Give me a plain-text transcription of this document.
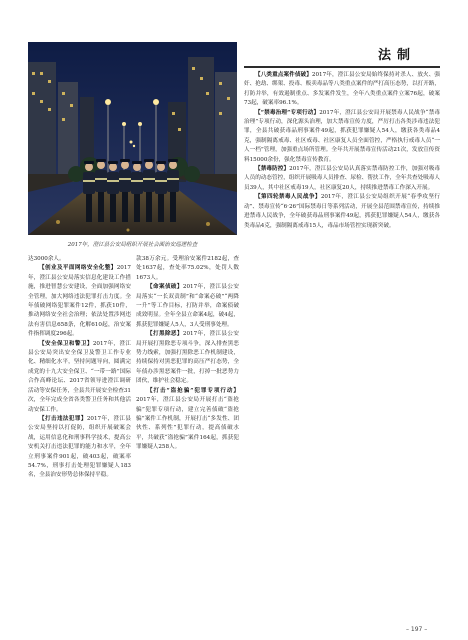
法制
2017年，澄江县公安局组织开展社会面治安巡逻检查

达3000余人。

【创业及平面网络安全化整】2017年，澄江县公安局落实信息化建设工作措施，推进智慧公安建设，全面加强网络安全管理，加大网络违法犯罪打击力度。全年侦破网络犯罪案件12件，抓获10件，推动网络安全社会治理；依法处置涉网违法有害信息658条，化解610起，治安案件指挥调度296起。

【安全保卫和警卫】2017年，澄江县公安局突出安全保卫及警卫工作专业化、精细化水平，坚持问题导向，圆满完成党的十九大安全保卫、“一带一路”国际合作高峰论坛、2017省领导进澄江调研活动等安保任务，全县共开展安全检查31次，全年完成全省各类警卫任务和其他活动安保工作。

【打击违法犯罪】2017年，澄江县公安局坚持以打促防，组织开展破案会战，运用信息化和刑事科学技术，提高公安机关打击违法犯罪的能力和水平，全年立刑事案件901起，破403起，破案率54.7%，刑事打击处理犯罪嫌疑人183名，全县治安形势总体保持平稳。

款38万余元。受理治安案件2182起，查处1637起，查处率75.02%，处罚人数1673人。

【命案侦破】2017年，澄江县公安局落实“一长双责制”和“命案必破”“两降一升”等工作目标，打防并举，命案侦破成效明显。全年全县立命案4起，破4起，抓获犯罪嫌疑人5人，3人受刑事处理。

【打黑除恶】2017年，澄江县公安局开展打黑除恶专项斗争，深入排查黑恶势力线索，加强打黑除恶工作机制建设，持续保持对黑恶犯罪的高压严打态势，全年侦办涉黑恶案件一批，打掉一批恶势力团伙，维护社会稳定。

【打击“盗抢骗”犯罪专项行动】2017年，澄江县公安局开展打击“盗抢骗”犯罪专项行动，建立完善侦破“盗抢骗”案件工作机制，开展打击“多发性、团伙性、系列性”犯罪行动，提高侦破水平，共破获“盗抢骗”案件164起，抓获犯罪嫌疑人258人。

【八类重点案件侦破】2017年，澄江县公安局始终保持对杀人、放火、强奸、抢劫、绑架、投毒、贩卖毒品等八类重点案件的严打高压态势，以打开路，打防并举，有效遏制重点、多发案件发生，全年八类重点案件立案76起，破案73起，破案率96.1%。

【“禁毒治理”专项行动】2017年，澄江县公安局开展禁毒人民战争“禁毒治理”专项行动，深化源头治理，加大禁毒宣传力度，严厉打击各类涉毒违法犯罪，全县共破获毒品刑事案件49起，抓获犯罪嫌疑人54人，缴获各类毒品4克，强制隔离戒毒、社区戒毒、社区康复人员全面管控，严格执行戒毒人员“一人一档”管理，加强重点场所管理。全年共开展禁毒宣传活动21次，发放宣传资料15000余份，强化禁毒宣传教育。

【禁毒防控】2017年，澄江县公安局认真落实禁毒防控工作，加强对吸毒人员的动态管控，组织开展吸毒人员排查、尿检、帮扶工作，全年共查处吸毒人员39人，其中社区戒毒19人，社区康复20人，持续推进禁毒工作深入开展。

【第四轮禁毒人民战争】2017年，澄江县公安局组织开展“春季攻坚行动”、禁毒宣传“6·26”国际禁毒日等系列活动，开展全县范围禁毒宣传，持续推进禁毒人民战争，全年破获毒品刑事案件49起，抓获犯罪嫌疑人54人，缴获各类毒品4克，强制隔离戒毒15人，毒品市场管控实现新突破。

– 197 –
